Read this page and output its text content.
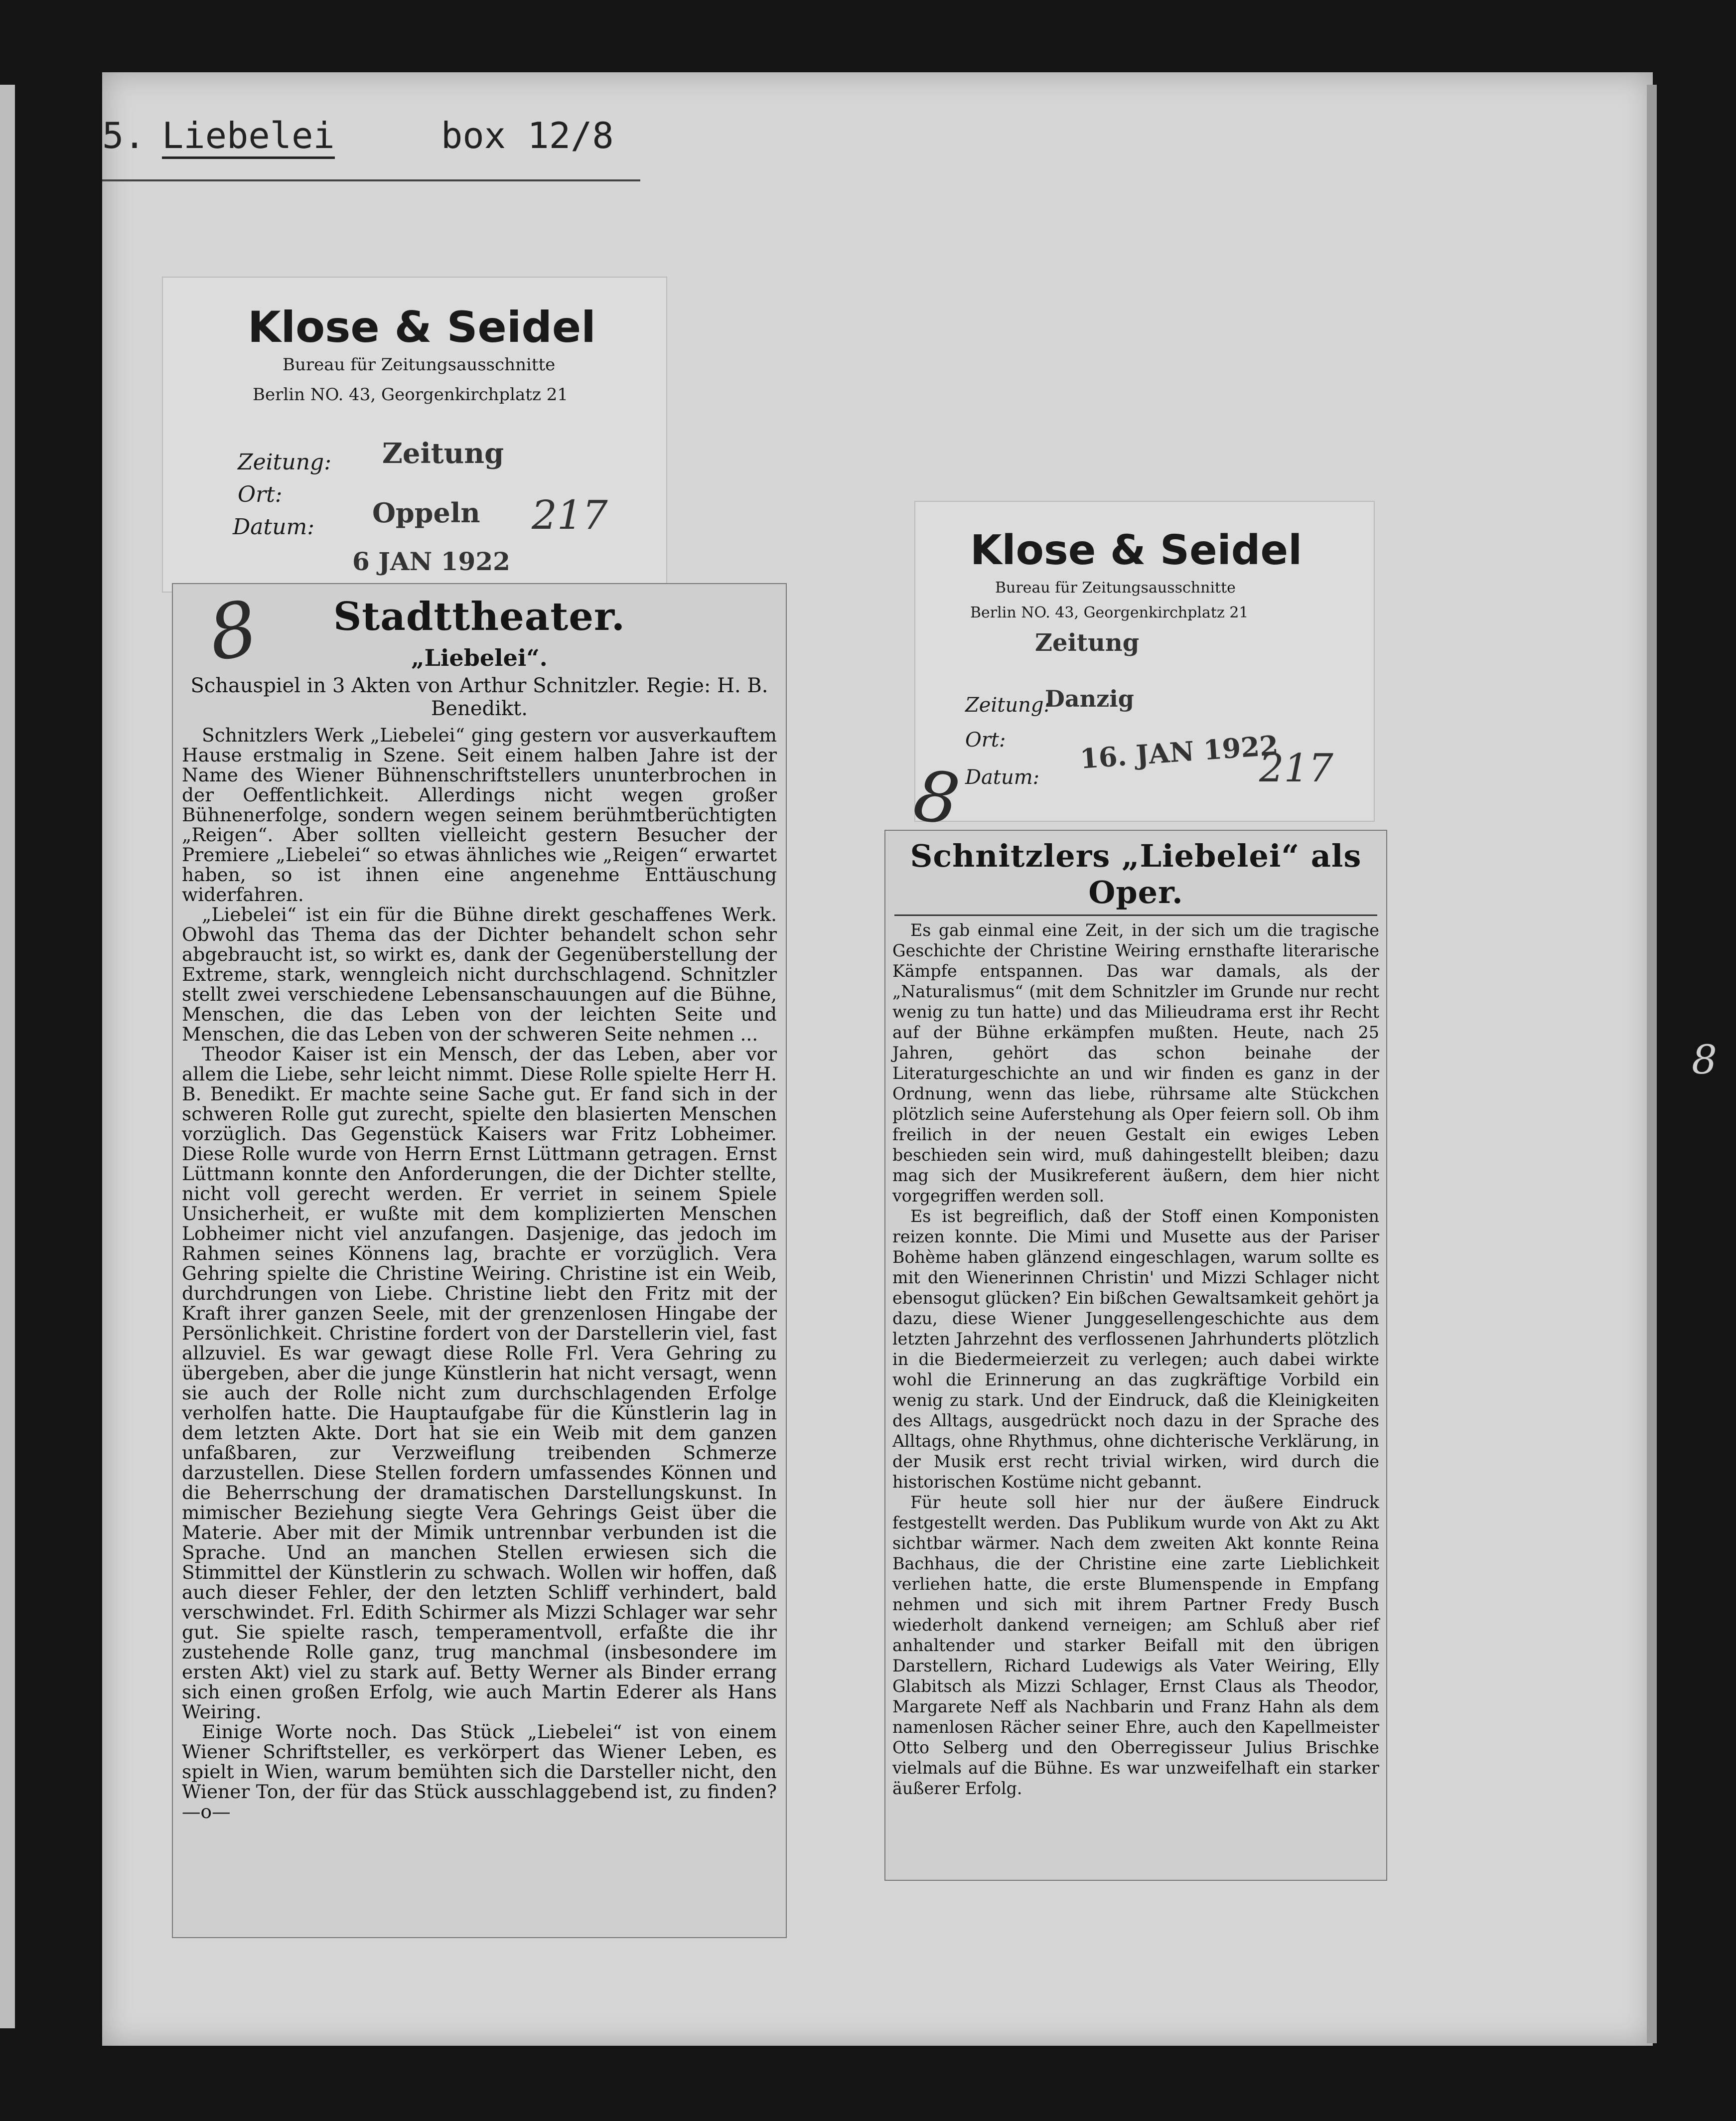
5. Liebelei	box 12/8
Klose & Seidel
Bureau für Zeitungsausschnitte
Berlin NO. 43, Georgenkirchplatz 21
Zeitung: Zeitung
Ort:
Oppeln
Datum:
6 JAN 1922
217
Klose & Seidel
Bureau für Zeitungsausschnitte
Berlin NO. 43, Georgenkirchplatz 21
Zeitung
Zeitung:
Danzig
Ort:
Datum:
16. JAN 1922
217
Stadttheater.
„Liebelei“.
Schauspiel in 3 Akten von Arthur Schnitzler. Regie: H. B. Benedikt.

Schnitzlers Werk „Liebelei“ ging gestern vor ausverkauftem Hause erstmalig in Szene. Seit einem halben Jahre ist der Name des Wiener Bühnenschriftstellers ununterbrochen in der Oeffentlichkeit. Allerdings nicht wegen großer Bühnenerfolge, sondern wegen seinem berühmtberüchtigten „Reigen“. Aber sollten vielleicht gestern Besucher der Premiere „Liebelei“ so etwas ähnliches wie „Reigen“ erwartet haben, so ist ihnen eine angenehme Enttäuschung widerfahren.

„Liebelei“ ist ein für die Bühne direkt geschaffenes Werk. Obwohl das Thema das der Dichter behandelt schon sehr abgebraucht ist, so wirkt es, dank der Gegenüberstellung der Extreme, stark, wenngleich nicht durchschlagend. Schnitzler stellt zwei verschiedene Lebensanschauungen auf die Bühne, Menschen, die das Leben von der leichten Seite und Menschen, die das Leben von der schweren Seite nehmen ...

Theodor Kaiser ist ein Mensch, der das Leben, aber vor allem die Liebe, sehr leicht nimmt. Diese Rolle spielte Herr H. B. Benedikt. Er machte seine Sache gut. Er fand sich in der schweren Rolle gut zurecht, spielte den blasierten Menschen vorzüglich. Das Gegenstück Kaisers war Fritz Lobheimer. Diese Rolle wurde von Herrn Ernst Lüttmann getragen. Ernst Lüttmann konnte den Anforderungen, die der Dichter stellte, nicht voll gerecht werden. Er verriet in seinem Spiele Unsicherheit, er wußte mit dem komplizierten Menschen Lobheimer nicht viel anzufangen. Dasjenige, das jedoch im Rahmen seines Könnens lag, brachte er vorzüglich. Vera Gehring spielte die Christine Weiring. Christine ist ein Weib, durchdrungen von Liebe. Christine liebt den Fritz mit der Kraft ihrer ganzen Seele, mit der grenzenlosen Hingabe der Persönlichkeit. Christine fordert von der Darstellerin viel, fast allzuviel. Es war gewagt diese Rolle Frl. Vera Gehring zu übergeben, aber die junge Künstlerin hat nicht versagt, wenn sie auch der Rolle nicht zum durchschlagenden Erfolge verholfen hatte. Die Hauptaufgabe für die Künstlerin lag in dem letzten Akte. Dort hat sie ein Weib mit dem ganzen unfaßbaren, zur Verzweiflung treibenden Schmerze darzustellen. Diese Stellen fordern umfassendes Können und die Beherrschung der dramatischen Darstellungskunst. In mimischer Beziehung siegte Vera Gehrings Geist über die Materie. Aber mit der Mimik untrennbar verbunden ist die Sprache. Und an manchen Stellen erwiesen sich die Stimmittel der Künstlerin zu schwach. Wollen wir hoffen, daß auch dieser Fehler, der den letzten Schliff verhindert, bald verschwindet. Frl. Edith Schirmer als Mizzi Schlager war sehr gut. Sie spielte rasch, temperamentvoll, erfaßte die ihr zustehende Rolle ganz, trug manchmal (insbesondere im ersten Akt) viel zu stark auf. Betty Werner als Binder errang sich einen großen Erfolg, wie auch Martin Ederer als Hans Weiring.

Einige Worte noch. Das Stück „Liebelei“ ist von einem Wiener Schriftsteller, es verkörpert das Wiener Leben, es spielt in Wien, warum bemühten sich die Darsteller nicht, den Wiener Ton, der für das Stück ausschlaggebend ist, zu finden? —o—

Schnitzlers „Liebelei“ als Oper.

Es gab einmal eine Zeit, in der sich um die tragische Geschichte der Christine Weiring ernsthafte literarische Kämpfe entspannen. Das war damals, als der „Naturalismus“ (mit dem Schnitzler im Grunde nur recht wenig zu tun hatte) und das Milieudrama erst ihr Recht auf der Bühne erkämpfen mußten. Heute, nach 25 Jahren, gehört das schon beinahe der Literaturgeschichte an und wir finden es ganz in der Ordnung, wenn das liebe, rührsame alte Stückchen plötzlich seine Auferstehung als Oper feiern soll. Ob ihm freilich in der neuen Gestalt ein ewiges Leben beschieden sein wird, muß dahingestellt bleiben; dazu mag sich der Musikreferent äußern, dem hier nicht vorgegriffen werden soll.

Es ist begreiflich, daß der Stoff einen Komponisten reizen konnte. Die Mimi und Musette aus der Pariser Bohème haben glänzend eingeschlagen, warum sollte es mit den Wienerinnen Christin' und Mizzi Schlager nicht ebensogut glücken? Ein bißchen Gewaltsamkeit gehört ja dazu, diese Wiener Junggesellengeschichte aus dem letzten Jahrzehnt des verflossenen Jahrhunderts plötzlich in die Biedermeierzeit zu verlegen; auch dabei wirkte wohl die Erinnerung an das zugkräftige Vorbild ein wenig zu stark. Und der Eindruck, daß die Kleinigkeiten des Alltags, ausgedrückt noch dazu in der Sprache des Alltags, ohne Rhythmus, ohne dichterische Verklärung, in der Musik erst recht trivial wirken, wird durch die historischen Kostüme nicht gebannt.

Für heute soll hier nur der äußere Eindruck festgestellt werden. Das Publikum wurde von Akt zu Akt sichtbar wärmer. Nach dem zweiten Akt konnte Reina Bachhaus, die der Christine eine zarte Lieblichkeit verliehen hatte, die erste Blumenspende in Empfang nehmen und sich mit ihrem Partner Fredy Busch wiederholt dankend verneigen; am Schluß aber rief anhaltender und starker Beifall mit den übrigen Darstellern, Richard Ludewigs als Vater Weiring, Elly Glabitsch als Mizzi Schlager, Ernst Claus als Theodor, Margarete Neff als Nachbarin und Franz Hahn als dem namenlosen Rächer seiner Ehre, auch den Kapellmeister Otto Selberg und den Oberregisseur Julius Brischke vielmals auf die Bühne. Es war unzweifelhaft ein starker äußerer Erfolg.

8
8
8
